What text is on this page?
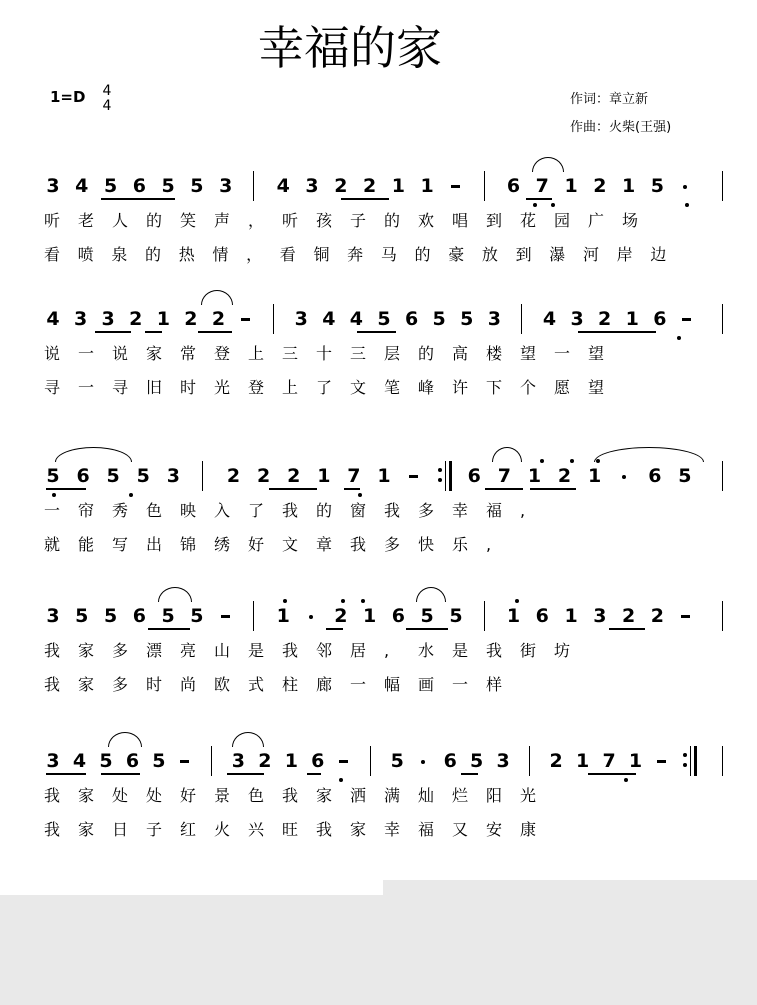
幸福的家
1=D 4
4	作词：章立新
作曲：火柴(王强)
3 4 5 6 5 5 3 4 3 2 2 1 1	6 7 1 2 1 5
听 老 人 的 笑 声 ， 听 孩 子 的 欢 唱 到 花 园 广 场
看 喷 泉 的 热 情 ， 看 铜 奔 马 的 豪 放 到 瀑 河 岸 边
4 3 3 2 1 2 2	3 4 4 5 6 5 5 3 4 3 2 1 6
说 一 说 家 常 登 上 三 十 三 层 的 高 楼 望 一 望
寻 一 寻 旧 时 光 登 上 了 文 笔 峰 许 下 个 愿 望
5 6 5 5 3 2 2 2 1 7 1	6 7 1 2 1 6 5
一 帘 秀 色 映 入 了 我 的 窗 我 多 幸 福 ,
就 能 写 出 锦 绣 好 文 章 我 多 快 乐 ,
3 5 5 6 5 5	1 2 1 6 5 5 1 6 1 3 2 2
我 家 多 漂 亮 山 是 我 邻 居 , 水 是 我 街 坊
我 家 多 时 尚 欧 式 柱 廊 一 幅 画 一 样
3 4 5 6 5	3 2 1 6	5 6 5 3 2 1 7 1
我 家 处 处 好 景 色 我 家 洒 满 灿 烂 阳 光
我 家 日 子 红 火 兴 旺 我 家 幸 福 又 安 康
